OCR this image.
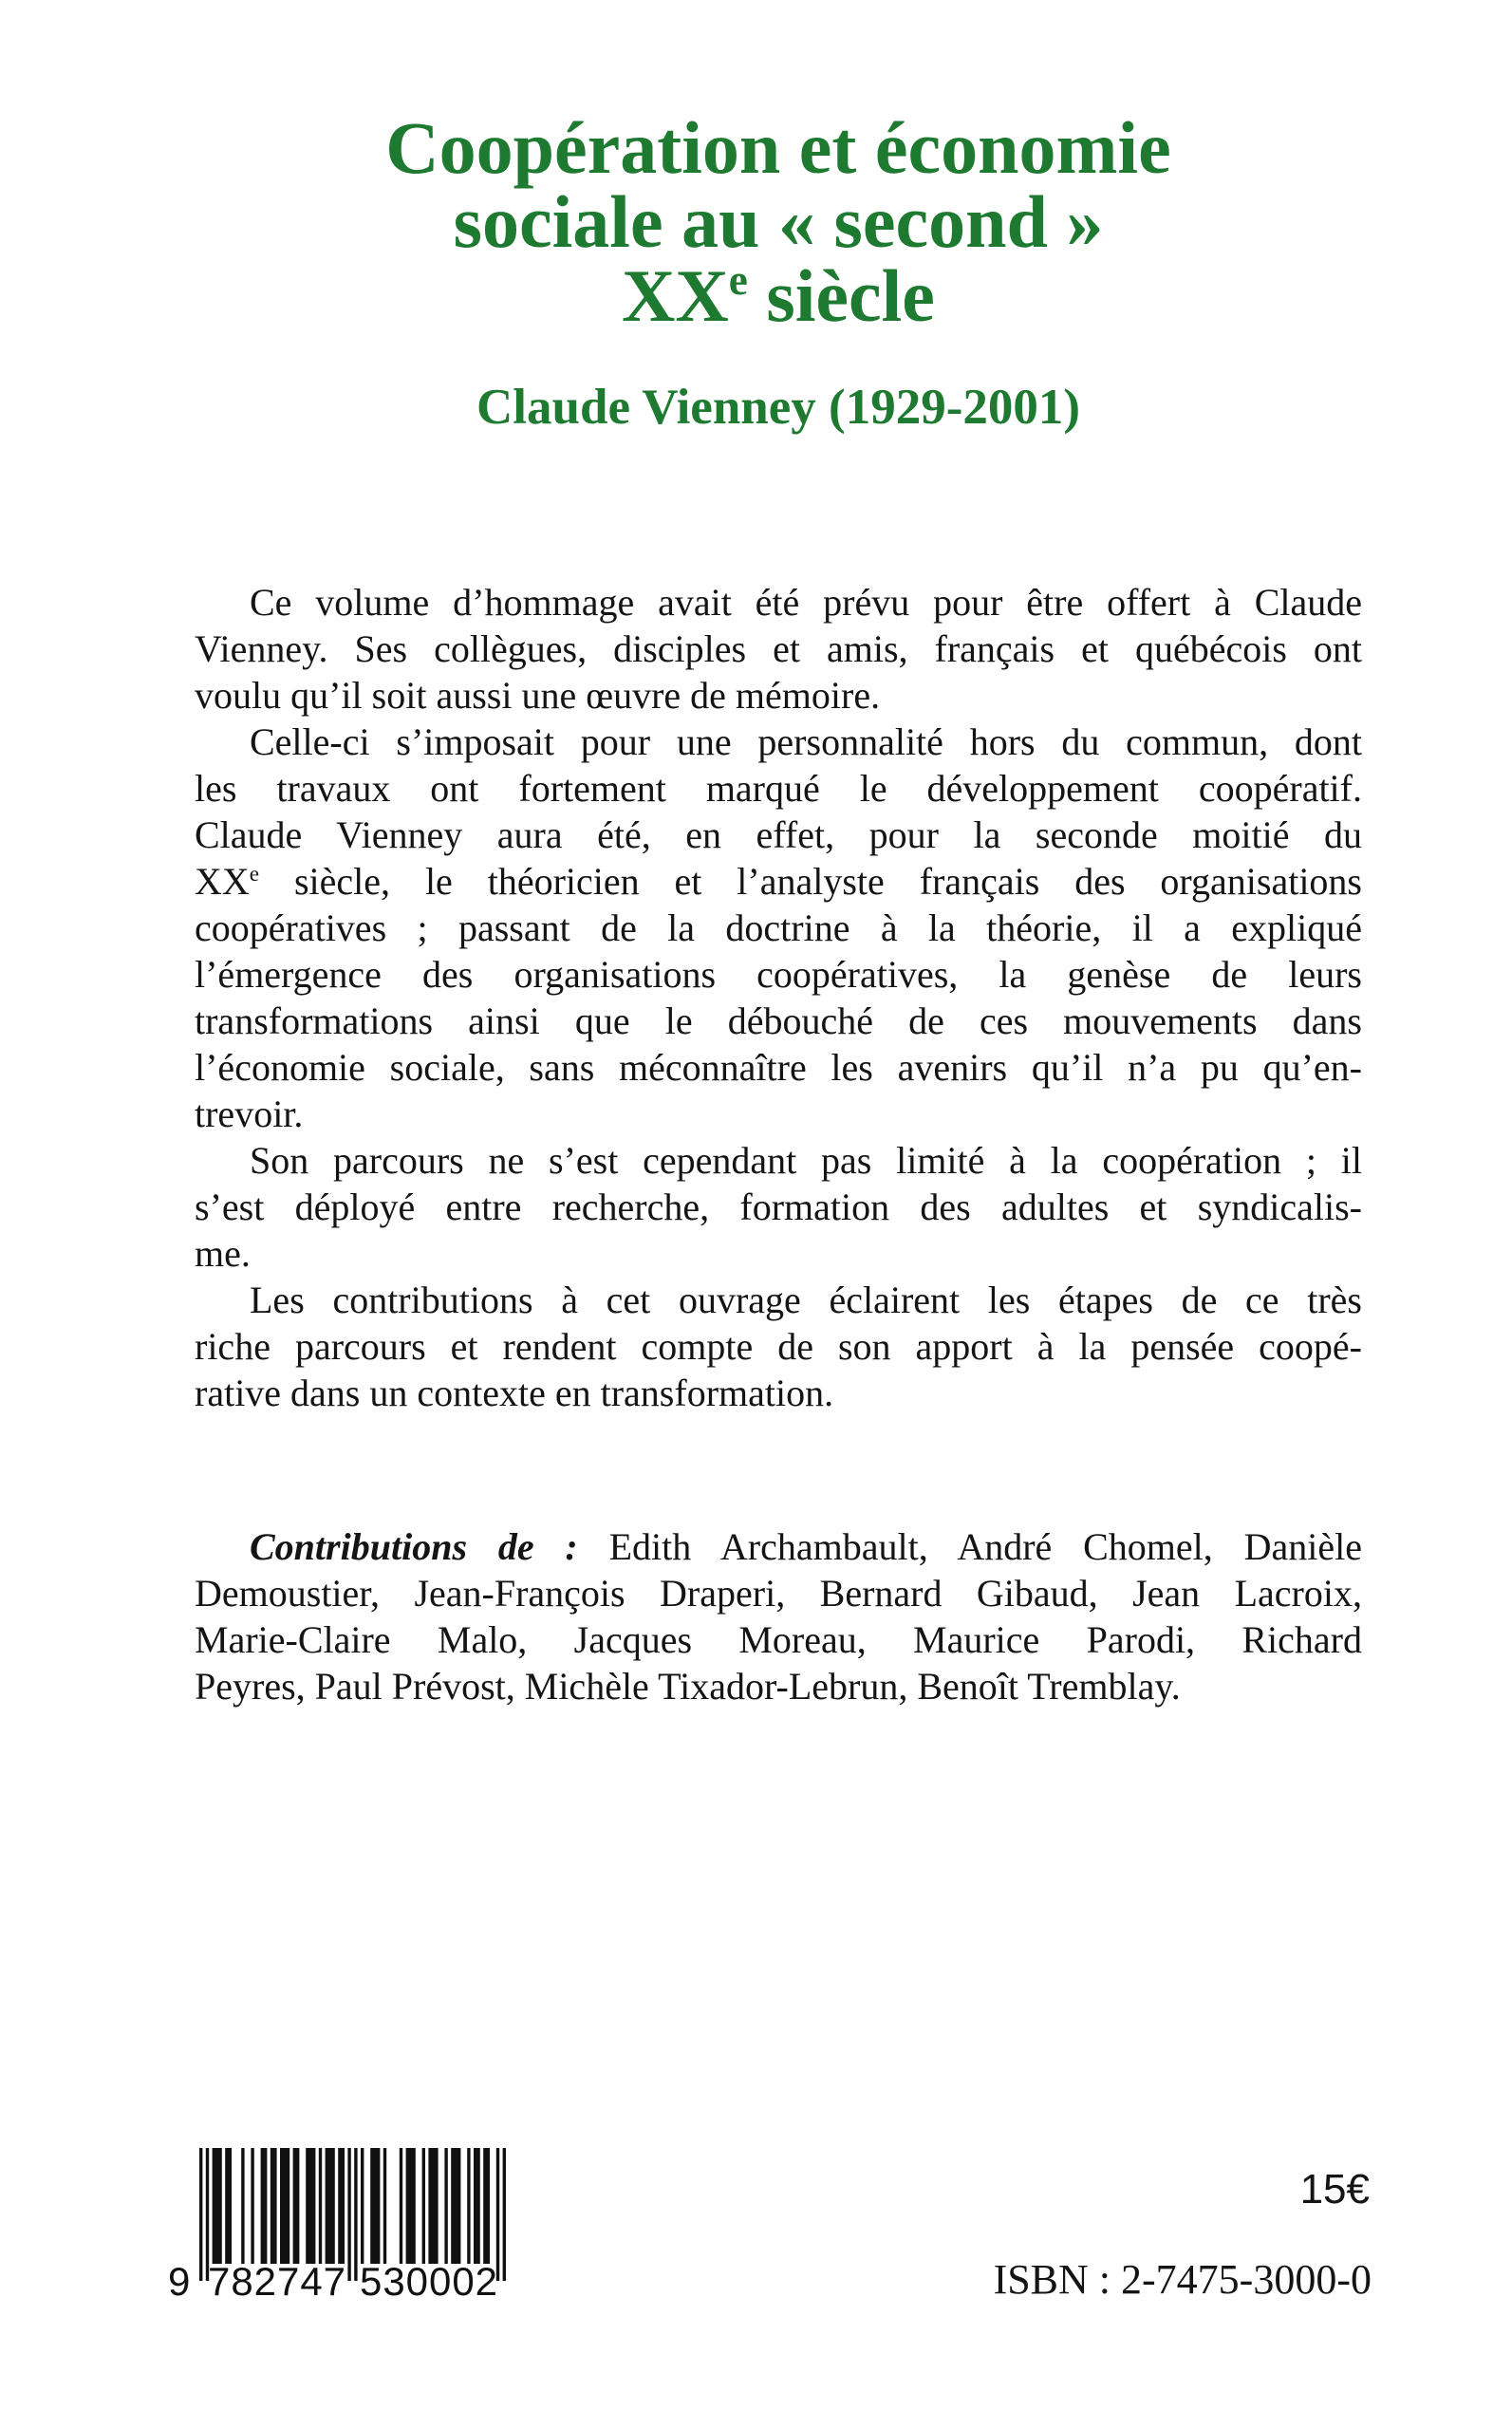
Coopération et économie
sociale au « second »
XXe siècle
Claude Vienney (1929-2001)
Ce volume d’hommage avait été prévu pour être offert à Claude
Vienney. Ses collègues, disciples et amis, français et québécois ont
voulu qu’il soit aussi une œuvre de mémoire.
Celle-ci s’imposait pour une personnalité hors du commun, dont
les travaux ont fortement marqué le développement coopératif.
Claude Vienney aura été, en effet, pour la seconde moitié du
XXe siècle, le théoricien et l’analyste français des organisations
coopératives ; passant de la doctrine à la théorie, il a expliqué
l’émergence des organisations coopératives, la genèse de leurs
transformations ainsi que le débouché de ces mouvements dans
l’économie sociale, sans méconnaître les avenirs qu’il n’a pu qu’en-
trevoir.
Son parcours ne s’est cependant pas limité à la coopération ; il
s’est déployé entre recherche, formation des adultes et syndicalis-
me.
Les contributions à cet ouvrage éclairent les étapes de ce très
riche parcours et rendent compte de son apport à la pensée coopé-
rative dans un contexte en transformation.
Contributions de : Edith Archambault, André Chomel, Danièle
Demoustier, Jean-François Draperi, Bernard Gibaud, Jean Lacroix,
Marie-Claire Malo, Jacques Moreau, Maurice Parodi, Richard
Peyres, Paul Prévost, Michèle Tixador-Lebrun, Benoît Tremblay.
9 7 8 2 7 4 7 5 3 0 0 0 2
15€
ISBN : 2-7475-3000-0
